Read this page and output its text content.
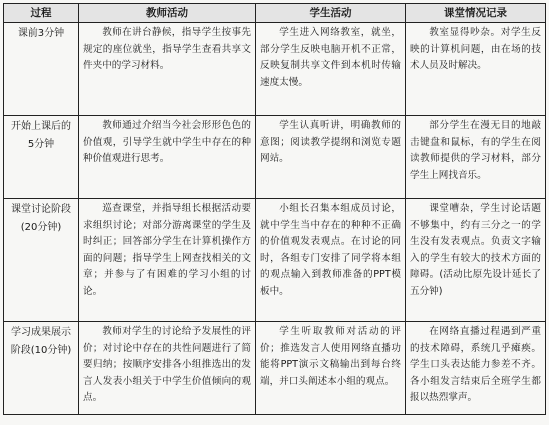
过程	教师活动	学生活动	课堂情况记录
课前3分钟	教师在讲台静候，指导学生按事先规定的座位就坐，指导学生查看共享文件夹中的学习材料。	学生进入网络教室，就坐，部分学生反映电脑开机不正常，反映复制共享文件到本机时传输速度太慢。	教室显得吵杂。对学生反映的计算机问题，由在场的技术人员及时解决。
开始上课后的5分钟	教师通过介绍当今社会形形色色的价值观，引导学生就中学生中存在的种种价值观进行思考。	学生认真听讲，明确教师的意图；阅读教学提纲和浏览专题网站。	部分学生在漫无目的地敲击键盘和鼠标，有的学生在阅读教师提供的学习材料，部分学生上网找音乐。
课堂讨论阶段(20分钟)	巡查课堂，并指导组长根据活动要求组织讨论；对部分游离课堂的学生及时纠正；回答部分学生在计算机操作方面的问题；指导学生上网查找相关的文章；并参与了有困难的学习小组的讨论。	小组长召集本组成员讨论，就中学生当中存在的种种不正确的价值观发表观点。在讨论的同时，各组专门安排了同学将本组的观点输入到教师准备的PPT模板中。	课堂嘈杂，学生讨论话题不够集中，约有三分之一的学生没有发表观点。负责文字输入的学生有较大的技术方面的障碍。(活动比原先设计延长了五分钟)
学习成果展示阶段(10分钟)	教师对学生的讨论给予发展性的评价；对讨论中存在的共性问题进行了简要归纳；按顺序安排各小组推选出的发言人发表小组关于中学生价值倾向的观点。	学生听取教师对活动的评价；推选发言人使用网络直播功能将PPT演示文稿输出到每台终端，并口头阐述本小组的观点。	在网络直播过程遇到严重的技术障碍，系统几乎瘫痪。学生口头表达能力参差不齐。各小组发言结束后全班学生都报以热烈掌声。
